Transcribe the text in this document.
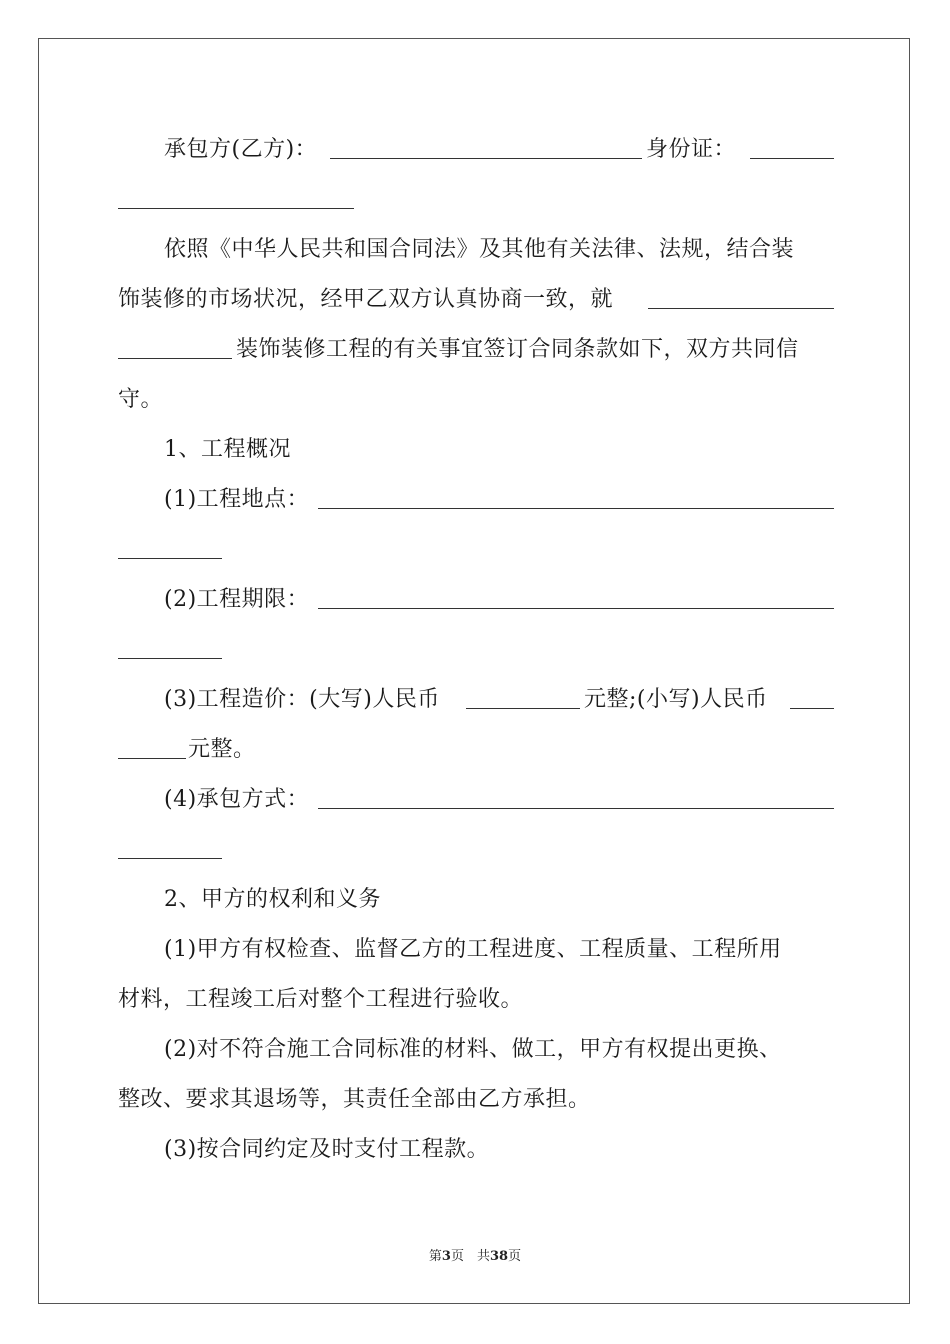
承包方(乙方)：	身份证：
依照《中华人民共和国合同法》及其他有关法律、法规，结合装
饰装修的市场状况，经甲乙双方认真协商一致，就
装饰装修工程的有关事宜签订合同条款如下，双方共同信
守。
1、工程概况
(1)工程地点：
(2)工程期限：
(3)工程造价：(大写)人民币	元整;(小写)人民币
元整。
(4)承包方式：
2、甲方的权利和义务
(1)甲方有权检查、监督乙方的工程进度、工程质量、工程所用
材料，工程竣工后对整个工程进行验收。
(2)对不符合施工合同标准的材料、做工，甲方有权提出更换、
整改、要求其退场等，其责任全部由乙方承担。
(3)按合同约定及时支付工程款。
第3页　共38页
